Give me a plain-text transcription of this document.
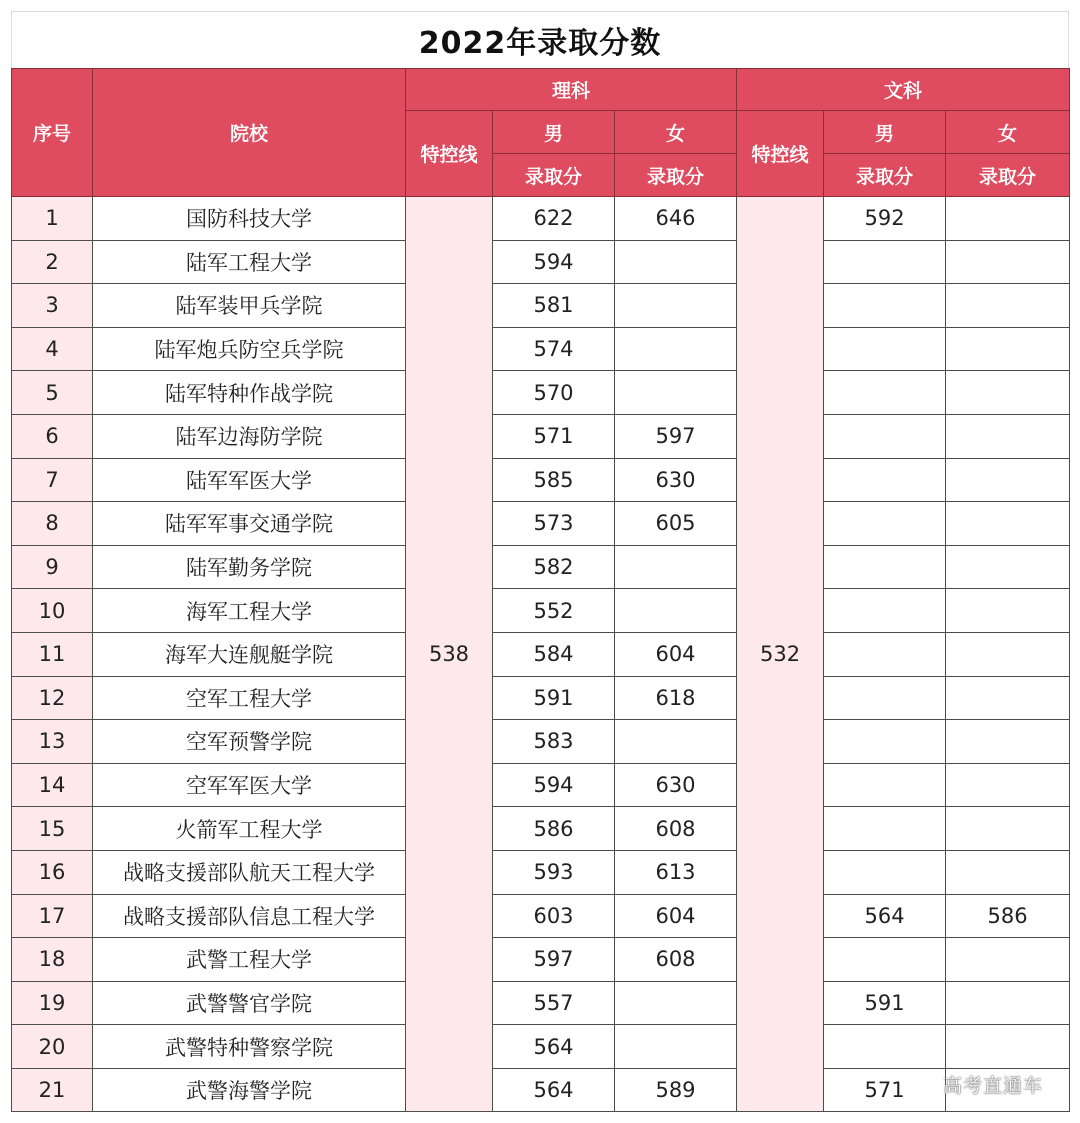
2022年录取分数
序号	院校	理科			文科		
		特控线	男	女	特控线	男	女
			录取分	录取分		录取分	录取分
1	国防科技大学	538	622	646	532	592	
2	陆军工程大学		594				
3	陆军装甲兵学院		581				
4	陆军炮兵防空兵学院		574				
5	陆军特种作战学院		570				
6	陆军边海防学院		571	597			
7	陆军军医大学		585	630			
8	陆军军事交通学院		573	605			
9	陆军勤务学院		582				
10	海军工程大学		552				
11	海军大连舰艇学院		584	604			
12	空军工程大学		591	618			
13	空军预警学院		583				
14	空军军医大学		594	630			
15	火箭军工程大学		586	608			
16	战略支援部队航天工程大学		593	613			
17	战略支援部队信息工程大学		603	604		564	586
18	武警工程大学		597	608			
19	武警警官学院		557			591	
20	武警特种警察学院		564				
21	武警海警学院		564	589		571	高考直通车
